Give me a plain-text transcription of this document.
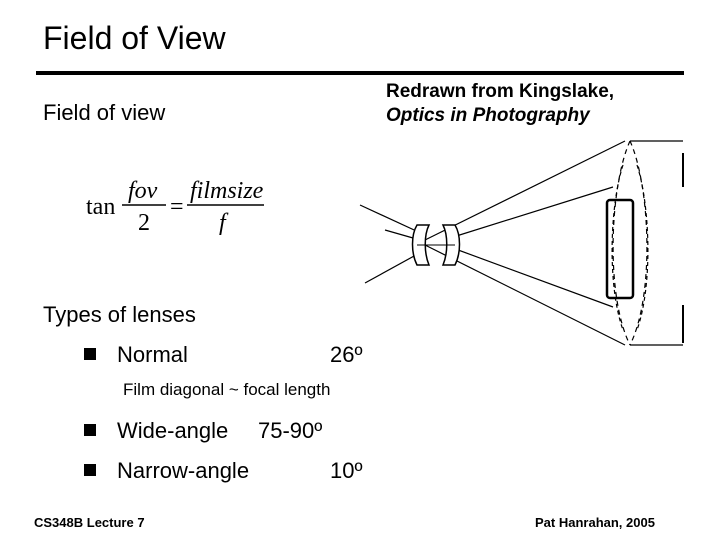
Field of View
Field of view
Redrawn from Kingslake,
Optics in Photography
tan
fov
2
=
filmsize
f
Types of lenses
Normal	26º
Film diagonal ~ focal length
Wide-angle 75-90º
Narrow-angle	10º
CS348B Lecture 7	Pat Hanrahan, 2005
